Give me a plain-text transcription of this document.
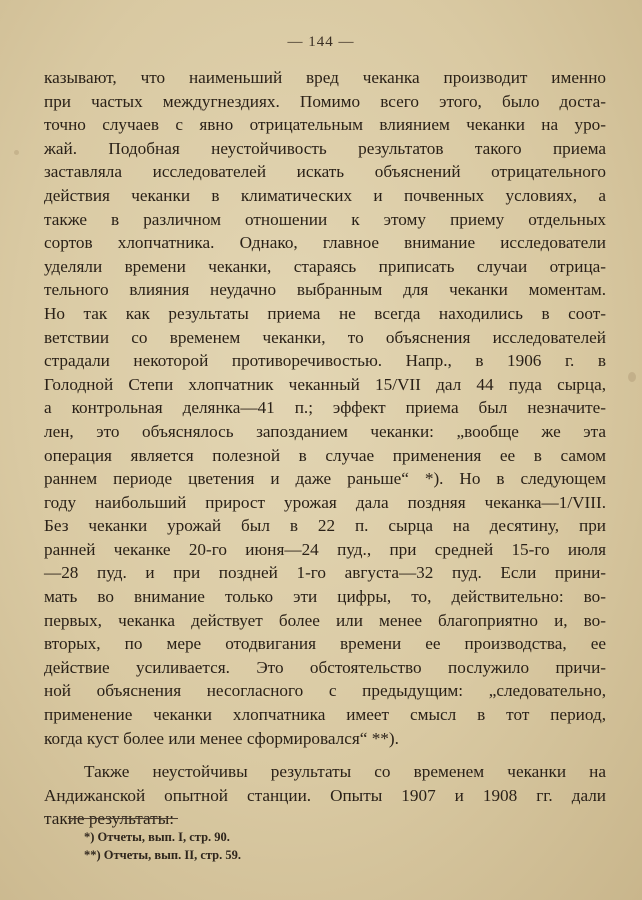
— 144 —
казывают, что наименьший вред чеканка производит именно
при частых междугнездиях. Помимо всего этого, было доста-
точно случаев с явно отрицательным влиянием чеканки на уро-
жай. Подобная неустойчивость результатов такого приема
заставляла исследователей искать объяснений отрицательного
действия чеканки в климатических и почвенных условиях, а
также в различном отношении к этому приему отдельных
сортов хлопчатника. Однако, главное внимание исследователи
уделяли времени чеканки, стараясь приписать случаи отрица-
тельного влияния неудачно выбранным для чеканки моментам.
Но так как результаты приема не всегда находились в соот-
ветствии со временем чеканки, то объяснения исследователей
страдали некоторой противоречивостью. Напр., в 1906 г. в
Голодной Степи хлопчатник чеканный 15/VII дал 44 пуда сырца,
а контрольная делянка—41 п.; эффект приема был незначите-
лен, это объяснялось запозданием чеканки: „вообще же эта
операция является полезной в случае применения ее в самом
раннем периоде цветения и даже раньше“ *). Но в следующем
году наибольший прирост урожая дала поздняя чеканка—1/VIII.
Без чеканки урожай был в 22 п. сырца на десятину, при
ранней чеканке 20-го июня—24 пуд., при средней 15-го июля
—28 пуд. и при поздней 1-го августа—32 пуд. Если прини-
мать во внимание только эти цифры, то, действительно: во-
первых, чеканка действует более или менее благоприятно и, во-
вторых, по мере отодвигания времени ее производства, ее
действие усиливается. Это обстоятельство послужило причи-
ной объяснения несогласного с предыдущим: „следовательно,
применение чеканки хлопчатника имеет смысл в тот период,
когда куст более или менее сформировался“ **).
Также неустойчивы результаты со временем чеканки на
Андижанской опытной станции. Опыты 1907 и 1908 гг. дали
такие результаты:
*) Отчеты, вып. I, стр. 90.
**) Отчеты, вып. II, стр. 59.
